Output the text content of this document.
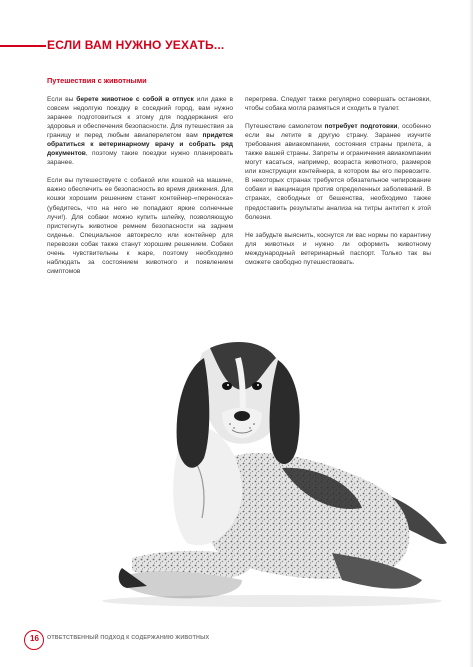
ЕСЛИ ВАМ НУЖНО УЕХАТЬ...
Путешествия с животными

Если вы берете животное с собой в отпуск или даже в совсем недолгую поездку в соседний город, вам нужно заранее подготовиться к этому для поддержания его здоровья и обеспечения безопасности. Для путешествия за границу и перед любым авиаперелетом вам придется обратиться к ветеринарному врачу и собрать ряд документов, поэтому такие поездки нужно планировать заранее.

Если вы путешествуете с собакой или кошкой на машине, важно обеспечить ее безопасность во время движения. Для кошки хорошим решением станет контейнер-«переноска» (убедитесь, что на него не попадают яркие солнечные лучи!). Для собаки можно купить шлейку, позволяющую пристегнуть животное ремнем безопасности на заднем сиденье. Специальное автокресло или контейнер для перевозки собак также станут хорошим решением. Собаки очень чувствительны к жаре, поэтому необходимо наблюдать за состоянием животного и появлением симптомов

перегрева. Следует также регулярно совершать остановки, чтобы собака могла размяться и сходить в туалет.

Путешествие самолетом потребует подготовки, особенно если вы летите в другую страну. Заранее изучите требования авиакомпании, состояния страны прилета, а также вашей страны. Запреты и ограничения авиакомпании могут касаться, например, возраста животного, размеров или конструкции контейнера, в котором вы его перевозите. В некоторых странах требуется обязательное чипирование собаки и вакцинация против определенных заболеваний. В странах, свободных от бешенства, необходимо также предоставить результаты анализа на титры антител к этой болезни.

Не забудьте выяснить, коснутся ли вас нормы по карантину для животных и нужно ли оформить животному международный ветеринарный паспорт. Только так вы сможете свободно путешествовать.

16 ОТВЕТСТВЕННЫЙ ПОДХОД К СОДЕРЖАНИЮ ЖИВОТНЫХ
